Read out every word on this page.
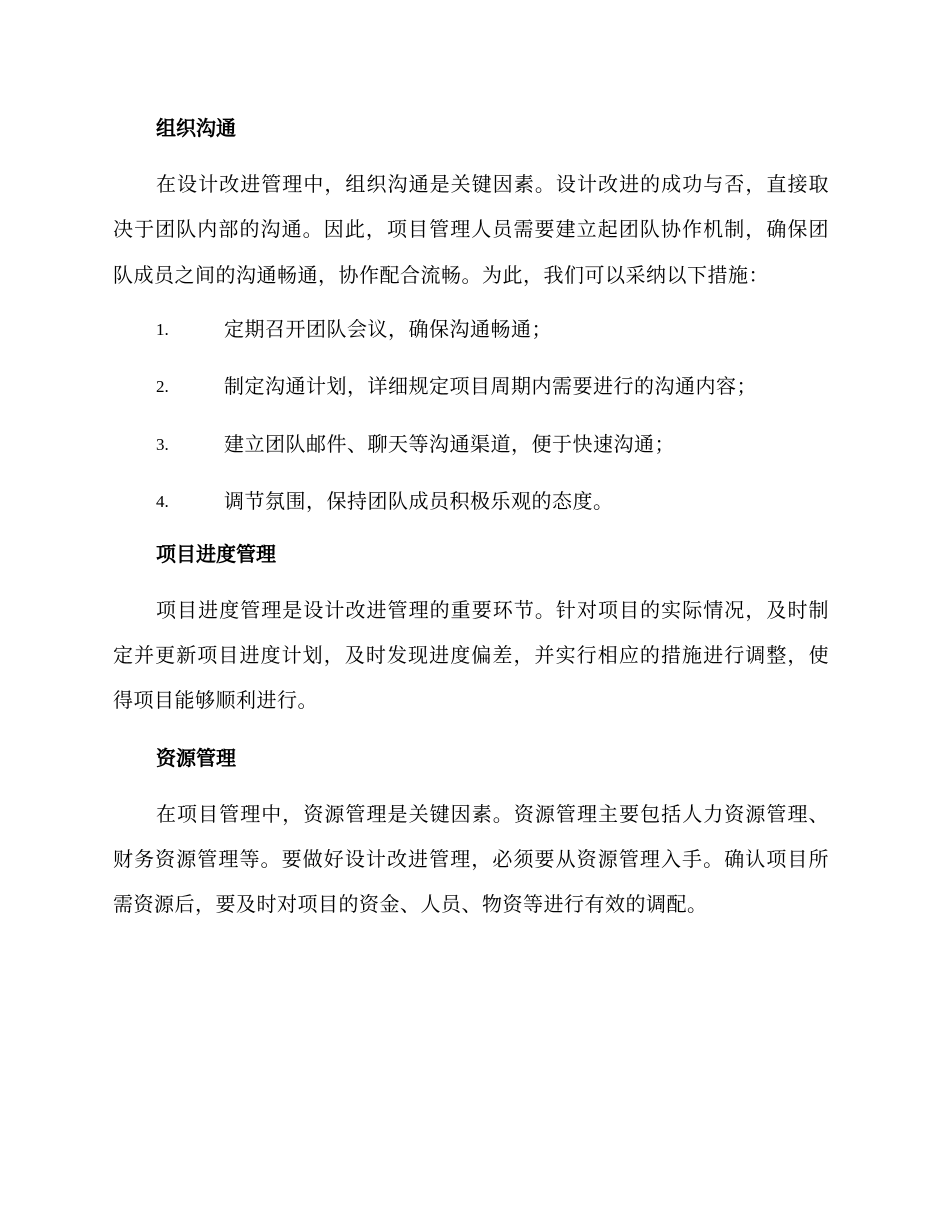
组织沟通

在设计改进管理中，组织沟通是关键因素。设计改进的成功与否，直接取决于团队内部的沟通。因此，项目管理人员需要建立起团队协作机制，确保团队成员之间的沟通畅通，协作配合流畅。为此，我们可以采纳以下措施：

1.	定期召开团队会议，确保沟通畅通；
2.	制定沟通计划，详细规定项目周期内需要进行的沟通内容；
3.	建立团队邮件、聊天等沟通渠道，便于快速沟通；
4.	调节氛围，保持团队成员积极乐观的态度。
项目进度管理

项目进度管理是设计改进管理的重要环节。针对项目的实际情况，及时制定并更新项目进度计划，及时发现进度偏差，并实行相应的措施进行调整，使得项目能够顺利进行。

资源管理

在项目管理中，资源管理是关键因素。资源管理主要包括人力资源管理、财务资源管理等。要做好设计改进管理，必须要从资源管理入手。确认项目所需资源后，要及时对项目的资金、人员、物资等进行有效的调配。
